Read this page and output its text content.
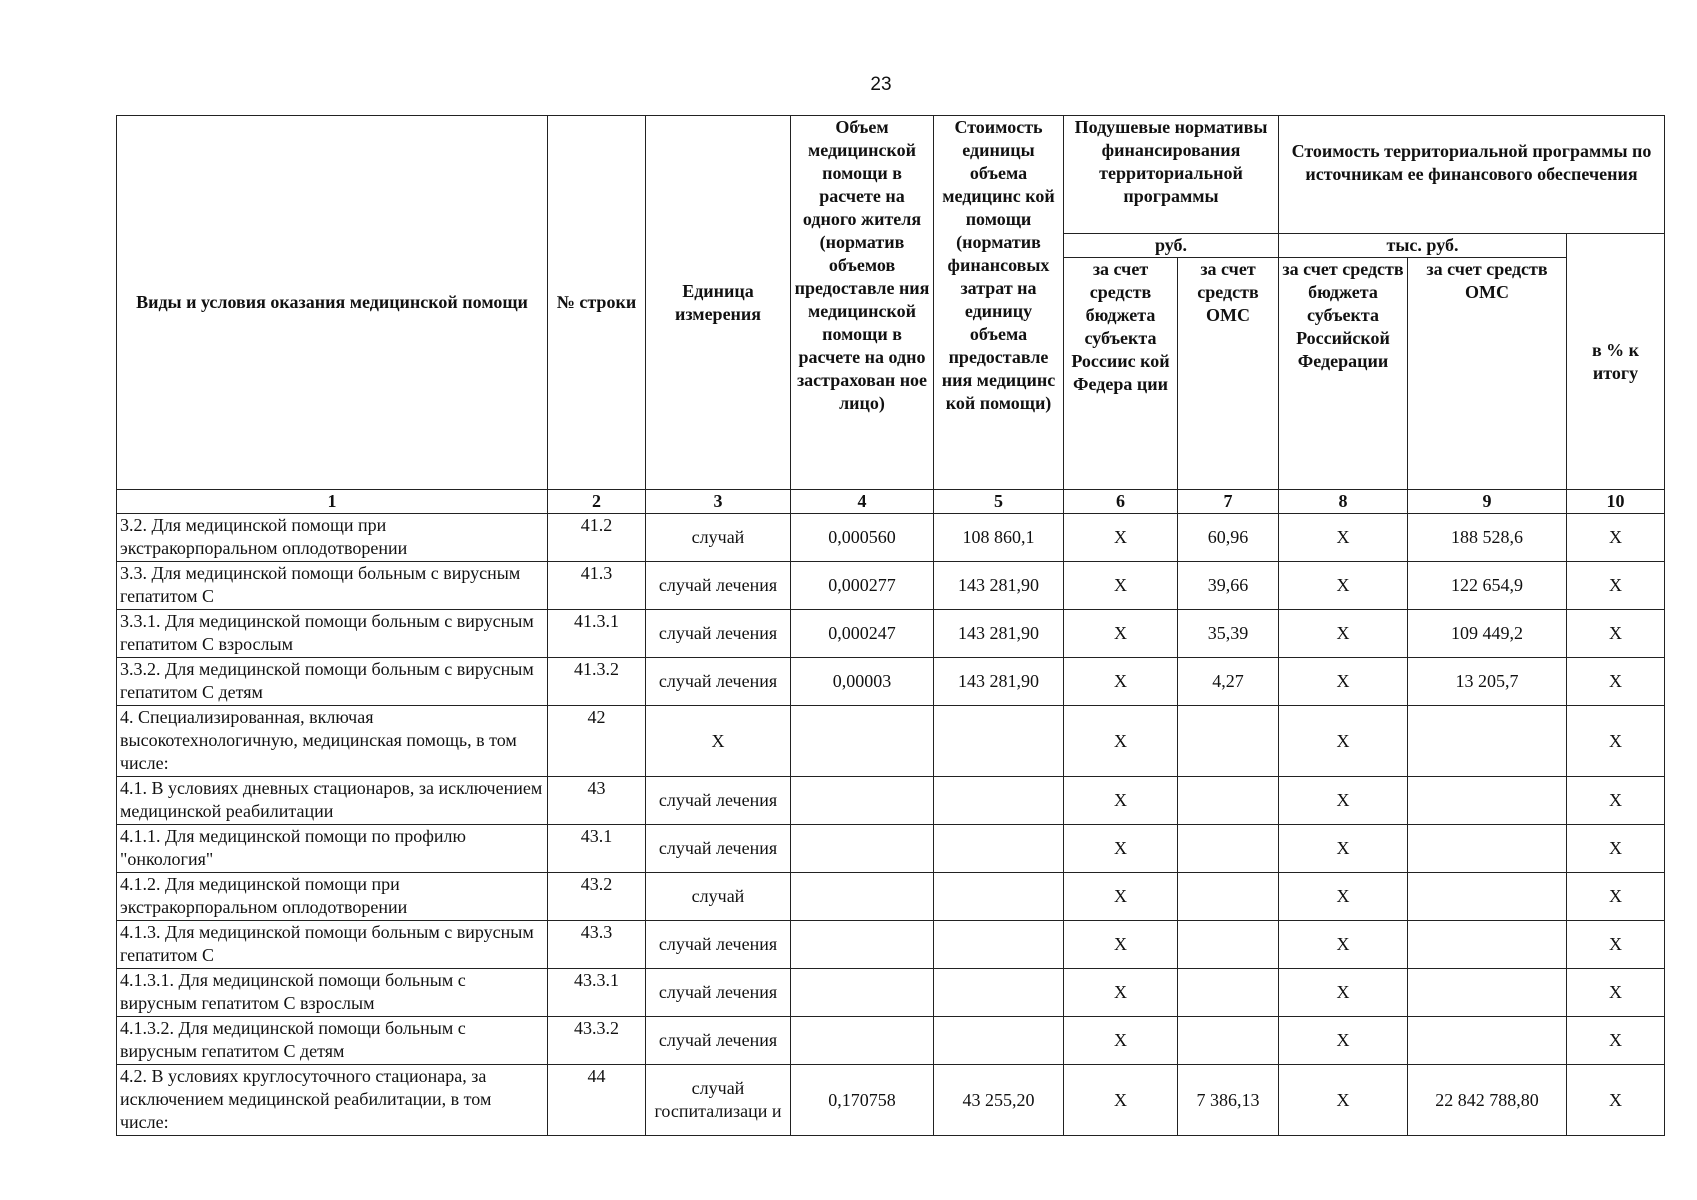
23
Виды и условия оказания медицинской помощи	№ строки	Единица измерения	Объем медицинской помощи в расчете на одного жителя (норматив объемов предоставле ния медицинской помощи в расчете на одно застрахован ное лицо)	Стоимость единицы объема медицинс кой помощи (норматив финансовых затрат на единицу объема предоставле ния медицинс кой помощи)	Подушевые нормативы финансирования территориальной программы		Стоимость территориальной программы по источникам ее финансового обеспечения		
					руб.		тыс. руб.		в % к итогу
					за счет средств бюджета субъекта Россиис кой Федера ции	за счет средств ОМС	за счет средств бюджета субъекта Российской Федерации	за счет средств ОМС	
1	2	3	4	5	6	7	8	9	10
3.2. Для медицинской помощи при экстракорпоральном оплодотворении	41.2	случай	0,000560	108 860,1	Х	60,96	Х	188 528,6	Х
3.3. Для медицинской помощи больным с вирусным гепатитом С	41.3	случай лечения	0,000277	143 281,90	Х	39,66	Х	122 654,9	Х
3.3.1. Для медицинской помощи больным с вирусным гепатитом С взрослым	41.3.1	случай лечения	0,000247	143 281,90	Х	35,39	Х	109 449,2	Х
3.3.2. Для медицинской помощи больным с вирусным гепатитом С детям	41.3.2	случай лечения	0,00003	143 281,90	Х	4,27	Х	13 205,7	Х
4. Специализированная, включая высокотехнологичную, медицинская помощь, в том числе:	42	Х			Х		Х		Х
4.1. В условиях дневных стационаров, за исключением медицинской реабилитации	43	случай лечения			Х		Х		Х
4.1.1. Для медицинской помощи по профилю "онкология"	43.1	случай лечения			Х		Х		Х
4.1.2. Для медицинской помощи при экстракорпоральном оплодотворении	43.2	случай			Х		Х		Х
4.1.3. Для медицинской помощи больным с вирусным гепатитом С	43.3	случай лечения			Х		Х		Х
4.1.3.1. Для медицинской помощи больным с вирусным гепатитом С взрослым	43.3.1	случай лечения			Х		Х		Х
4.1.3.2. Для медицинской помощи больным с вирусным гепатитом С детям	43.3.2	случай лечения			Х		Х		Х
4.2. В условиях круглосуточного стационара, за исключением медицинской реабилитации, в том числе:	44	случай госпитализаци и	0,170758	43 255,20	Х	7 386,13	Х	22 842 788,80	Х
